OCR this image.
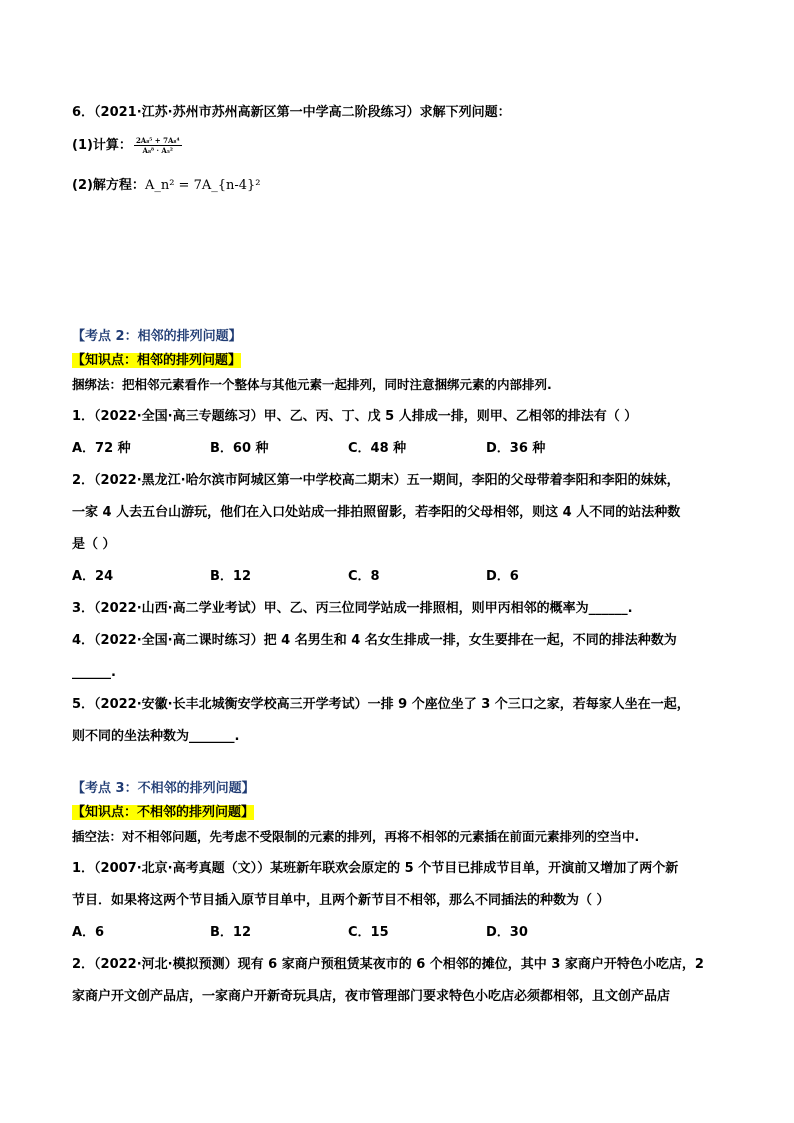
6．（2021·江苏·苏州市苏州高新区第一中学高二阶段练习）求解下列问题：
(1)计算： $\frac{\text{2A₈⁵ + 7A₈⁴}}{\text{A₈⁸ · A₅²}}$
(2)解方程：A_n² = 7A_{n-4}²
【考点 2：相邻的排列问题】
【知识点：相邻的排列问题】
捆绑法：把相邻元素看作一个整体与其他元素一起排列，同时注意捆绑元素的内部排列.
1．（2022·全国·高三专题练习）甲、乙、丙、丁、戊 5 人排成一排，则甲、乙相邻的排法有（ ）
A．72 种	B．60 种	C．48 种	D．36 种
2．（2022·黑龙江·哈尔滨市阿城区第一中学校高二期末）五一期间，李阳的父母带着李阳和李阳的妹妹，
一家 4 人去五台山游玩，他们在入口处站成一排拍照留影，若李阳的父母相邻，则这 4 人不同的站法种数
是（ ）
A．24	B．12	C．8	D．6
3．（2022·山西·高二学业考试）甲、乙、丙三位同学站成一排照相，则甲丙相邻的概率为______.
4．（2022·全国·高二课时练习）把 4 名男生和 4 名女生排成一排，女生要排在一起，不同的排法种数为
______.
5．（2022·安徽·长丰北城衡安学校高三开学考试）一排 9 个座位坐了 3 个三口之家，若每家人坐在一起，
则不同的坐法种数为_______.
【考点 3：不相邻的排列问题】
【知识点：不相邻的排列问题】
插空法：对不相邻问题，先考虑不受限制的元素的排列，再将不相邻的元素插在前面元素排列的空当中.
1．（2007·北京·高考真题（文））某班新年联欢会原定的 5 个节目已排成节目单，开演前又增加了两个新
节目．如果将这两个节目插入原节目单中，且两个新节目不相邻，那么不同插法的种数为（ ）
A．6	B．12	C．15	D．30
2．（2022·河北·模拟预测）现有 6 家商户预租赁某夜市的 6 个相邻的摊位，其中 3 家商户开特色小吃店，2
家商户开文创产品店，一家商户开新奇玩具店，夜市管理部门要求特色小吃店必须都相邻，且文创产品店
